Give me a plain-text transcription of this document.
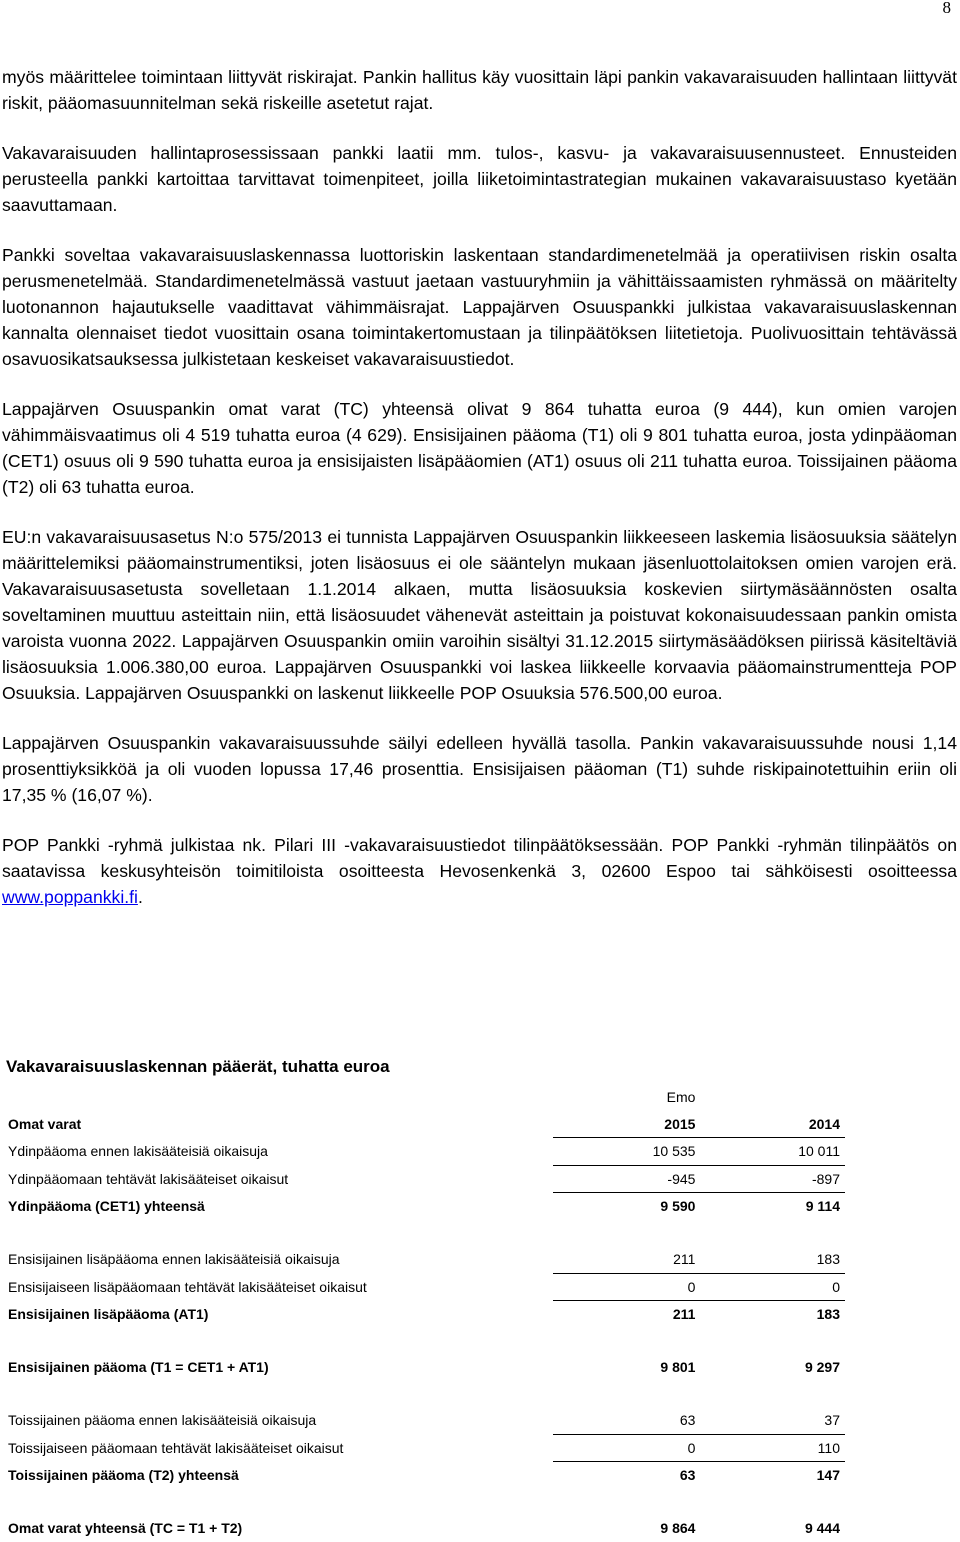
8

myös määrittelee toimintaan liittyvät riskirajat. Pankin hallitus käy vuosittain läpi pankin vakavaraisuuden hallintaan liittyvät riskit, pääomasuunnitelman sekä riskeille asetetut rajat.

Vakavaraisuuden hallintaprosessissaan pankki laatii mm. tulos-, kasvu- ja vakavaraisuusennusteet. Ennusteiden perusteella pankki kartoittaa tarvittavat toimenpiteet, joilla liiketoimintastrategian mukainen vakavaraisuustaso kyetään saavuttamaan.

Pankki soveltaa vakavaraisuuslaskennassa luottoriskin laskentaan standardimenetelmää ja operatiivisen riskin osalta perusmenetelmää. Standardimenetelmässä vastuut jaetaan vastuuryhmiin ja vähittäissaamisten ryhmässä on määritelty luotonannon hajautukselle vaadittavat vähimmäisrajat. Lappajärven Osuuspankki julkistaa vakavaraisuuslaskennan kannalta olennaiset tiedot vuosittain osana toimintakertomustaan ja tilinpäätöksen liitetietoja. Puolivuosittain tehtävässä osavuosikatsauksessa julkistetaan keskeiset vakavaraisuustiedot.

Lappajärven Osuuspankin omat varat (TC) yhteensä olivat 9 864 tuhatta euroa (9 444), kun omien varojen vähimmäisvaatimus oli 4 519 tuhatta euroa (4 629). Ensisijainen pääoma (T1) oli 9 801 tuhatta euroa, josta ydinpääoman (CET1) osuus oli 9 590 tuhatta euroa ja ensisijaisten lisäpääomien (AT1) osuus oli 211 tuhatta euroa. Toissijainen pääoma (T2) oli 63 tuhatta euroa.

EU:n vakavaraisuusasetus N:o 575/2013 ei tunnista Lappajärven Osuuspankin liikkeeseen laskemia lisäosuuksia säätelyn määrittelemiksi pääomainstrumentiksi, joten lisäosuus ei ole sääntelyn mukaan jäsenluottolaitoksen omien varojen erä. Vakavaraisuusasetusta sovelletaan 1.1.2014 alkaen, mutta lisäosuuksia koskevien siirtymäsäännösten osalta soveltaminen muuttuu asteittain niin, että lisäosuudet vähenevät asteittain ja poistuvat kokonaisuudessaan pankin omista varoista vuonna 2022. Lappajärven Osuuspankin omiin varoihin sisältyi 31.12.2015 siirtymäsäädöksen piirissä käsiteltäviä lisäosuuksia 1.006.380,00 euroa. Lappajärven Osuuspankki voi laskea liikkeelle korvaavia pääomainstrumentteja POP Osuuksia. Lappajärven Osuuspankki on laskenut liikkeelle POP Osuuksia 576.500,00 euroa.

Lappajärven Osuuspankin vakavaraisuussuhde säilyi edelleen hyvällä tasolla. Pankin vakavaraisuussuhde nousi 1,14 prosenttiyksikköä ja oli vuoden lopussa 17,46 prosenttia. Ensisijaisen pääoman (T1) suhde riskipainotettuihin eriin oli 17,35 % (16,07 %).

POP Pankki -ryhmä julkistaa nk. Pilari III -vakavaraisuustiedot tilinpäätöksessään. POP Pankki -ryhmän tilinpäätös on saatavissa keskusyhteisön toimitiloista osoitteesta Hevosenkenkä 3, 02600 Espoo tai sähköisesti osoitteessa www.poppankki.fi.

Vakavaraisuuslaskennan pääerät, tuhatta euroa
	Emo	
Omat varat	2015	2014
Ydinpääoma ennen lakisääteisiä oikaisuja	10 535	10 011
Ydinpääomaan tehtävät lakisääteiset oikaisut	-945	-897
Ydinpääoma (CET1) yhteensä	9 590	9 114

Ensisijainen lisäpääoma ennen lakisääteisiä oikaisuja	211	183
Ensisijaiseen lisäpääomaan tehtävät lakisääteiset oikaisut	0	0
Ensisijainen lisäpääoma (AT1)	211	183

Ensisijainen pääoma (T1 = CET1 + AT1)	9 801	9 297

Toissijainen pääoma ennen lakisääteisiä oikaisuja	63	37
Toissijaiseen pääomaan tehtävät lakisääteiset oikaisut	0	110
Toissijainen pääoma (T2) yhteensä	63	147

Omat varat yhteensä (TC = T1 + T2)	9 864	9 444
